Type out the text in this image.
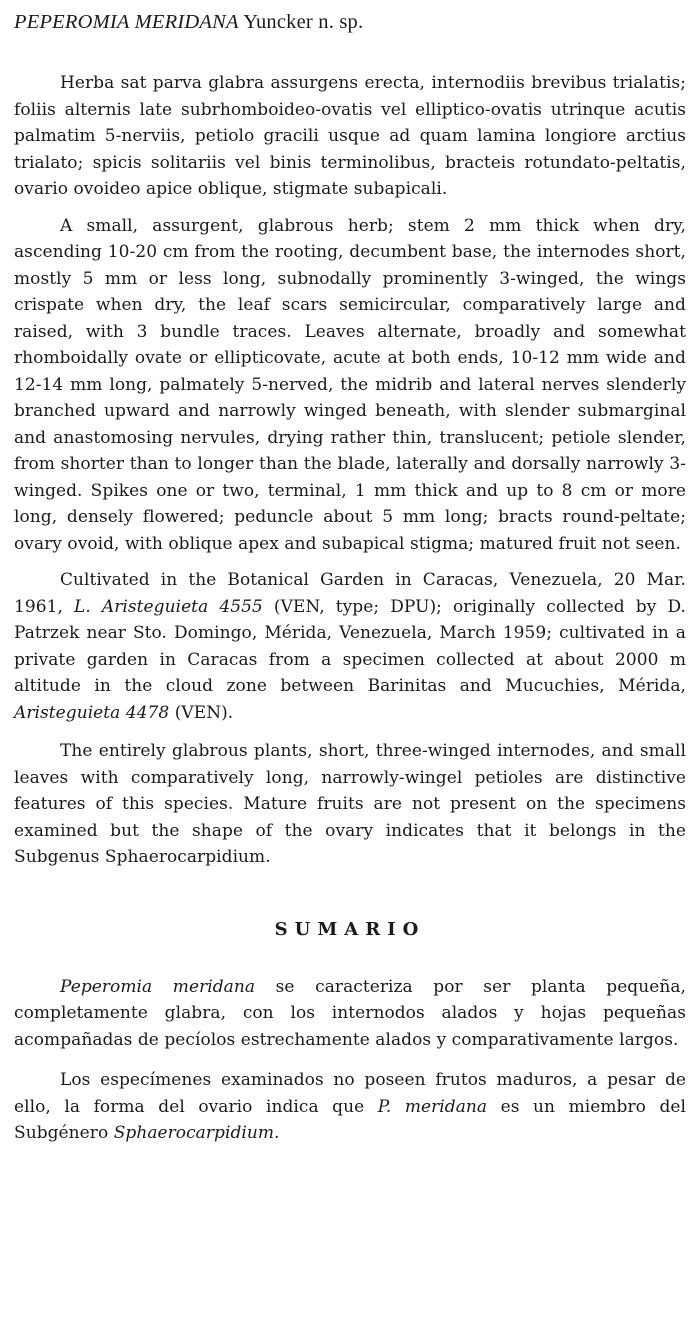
PEPEROMIA MERIDANA Yuncker n. sp.

Herba sat parva glabra assurgens erecta, internodiis brevibus trialatis; foliis alternis late subrhomboideo-ovatis vel elliptico-ovatis utrinque acutis palmatim 5-nerviis, petiolo gracili usque ad quam lamina longiore arctius trialato; spicis solitariis vel binis terminolibus, bracteis rotundato-peltatis, ovario ovoideo apice oblique, stigmate subapicali.

A small, assurgent, glabrous herb; stem 2 mm thick when dry, ascending 10-20 cm from the rooting, decumbent base, the internodes short, mostly 5 mm or less long, subnodally prominently 3-winged, the wings crispate when dry, the leaf scars semicircular, comparatively large and raised, with 3 bundle traces. Leaves alternate, broadly and somewhat rhomboidally ovate or ellipticovate, acute at both ends, 10-12 mm wide and 12-14 mm long, palmately 5-nerved, the midrib and lateral nerves slenderly branched upward and narrowly winged beneath, with slender submarginal and anastomosing nervules, drying rather thin, translucent; petiole slender, from shorter than to longer than the blade, laterally and dorsally narrowly 3-winged. Spikes one or two, terminal, 1 mm thick and up to 8 cm or more long, densely flowered; peduncle about 5 mm long; bracts round-peltate; ovary ovoid, with oblique apex and subapical stigma; matured fruit not seen.

Cultivated in the Botanical Garden in Caracas, Venezuela, 20 Mar. 1961, L. Aristeguieta 4555 (VEN, type; DPU); originally collected by D. Patrzek near Sto. Domingo, Mérida, Venezuela, March 1959; cultivated in a private garden in Caracas from a specimen collected at about 2000 m altitude in the cloud zone between Barinitas and Mucuchies, Mérida, Aristeguieta 4478 (VEN).

The entirely glabrous plants, short, three-winged internodes, and small leaves with comparatively long, narrowly-wingel petioles are distinctive features of this species. Mature fruits are not present on the specimens examined but the shape of the ovary indicates that it belongs in the Subgenus Sphaerocarpidium.

SUMARIO

Peperomia meridana se caracteriza por ser planta pequeña, completamente glabra, con los internodos alados y hojas pequeñas acompañadas de pecíolos estrechamente alados y comparativamente largos.

Los especímenes examinados no poseen frutos maduros, a pesar de ello, la forma del ovario indica que P. meridana es un miembro del Subgénero Sphaerocarpidium.
